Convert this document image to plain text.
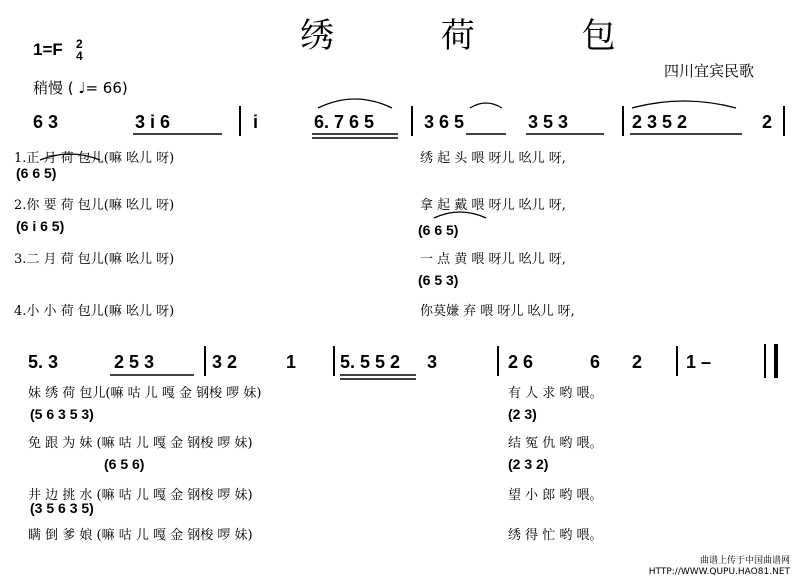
绣 荷 包
1=F 2
4
稍慢 ( ♩= 66)
四川宜宾民歌
6 3	3 i 6	i	6. 7 6 5	3 6 5	3 5 3	2 3 5 2	2
1.正 月 荷 包儿(嘛 吆儿 呀)
2.你 要 荷 包儿(嘛 吆儿 呀)
3.二 月 荷 包儿(嘛 吆儿 呀)
4.小 小 荷 包儿(嘛 吆儿 呀)
绣 起 头 喂 呀儿 吆儿 呀,
拿 起 戴 喂 呀儿 吆儿 呀,
一 点 黄 喂 呀儿 吆儿 呀,
你莫嫌 弃 喂 呀儿 吆儿 呀,
(6 6 5)
(6 i 6 5)	(6 6 5)
(6 5 3)
5. 3	2 5 3	3 2	1 5. 5 5 2 3	2 6	6 2 1 –
妹 绣 荷 包儿(嘛 咕 儿 嘎 金 钢梭 啰 妹)
免 跟 为 妹 (嘛 咕 儿 嘎 金 钢梭 啰 妹)
井 边 挑 水 (嘛 咕 儿 嘎 金 钢梭 啰 妹)
瞒 倒 爹 娘 (嘛 咕 儿 嘎 金 钢梭 啰 妹)
有 人 求 哟 喂。
结 冤 仇 哟 喂。
望 小 郎 哟 喂。
绣 得 忙 哟 喂。
(5 6 3 5 3)
(6 5 6)
(3 5 6 3 5)
(2 3)
(2 3 2)
曲谱上传于中国曲谱网
HTTP://WWW.QUPU.HAO81.NET
